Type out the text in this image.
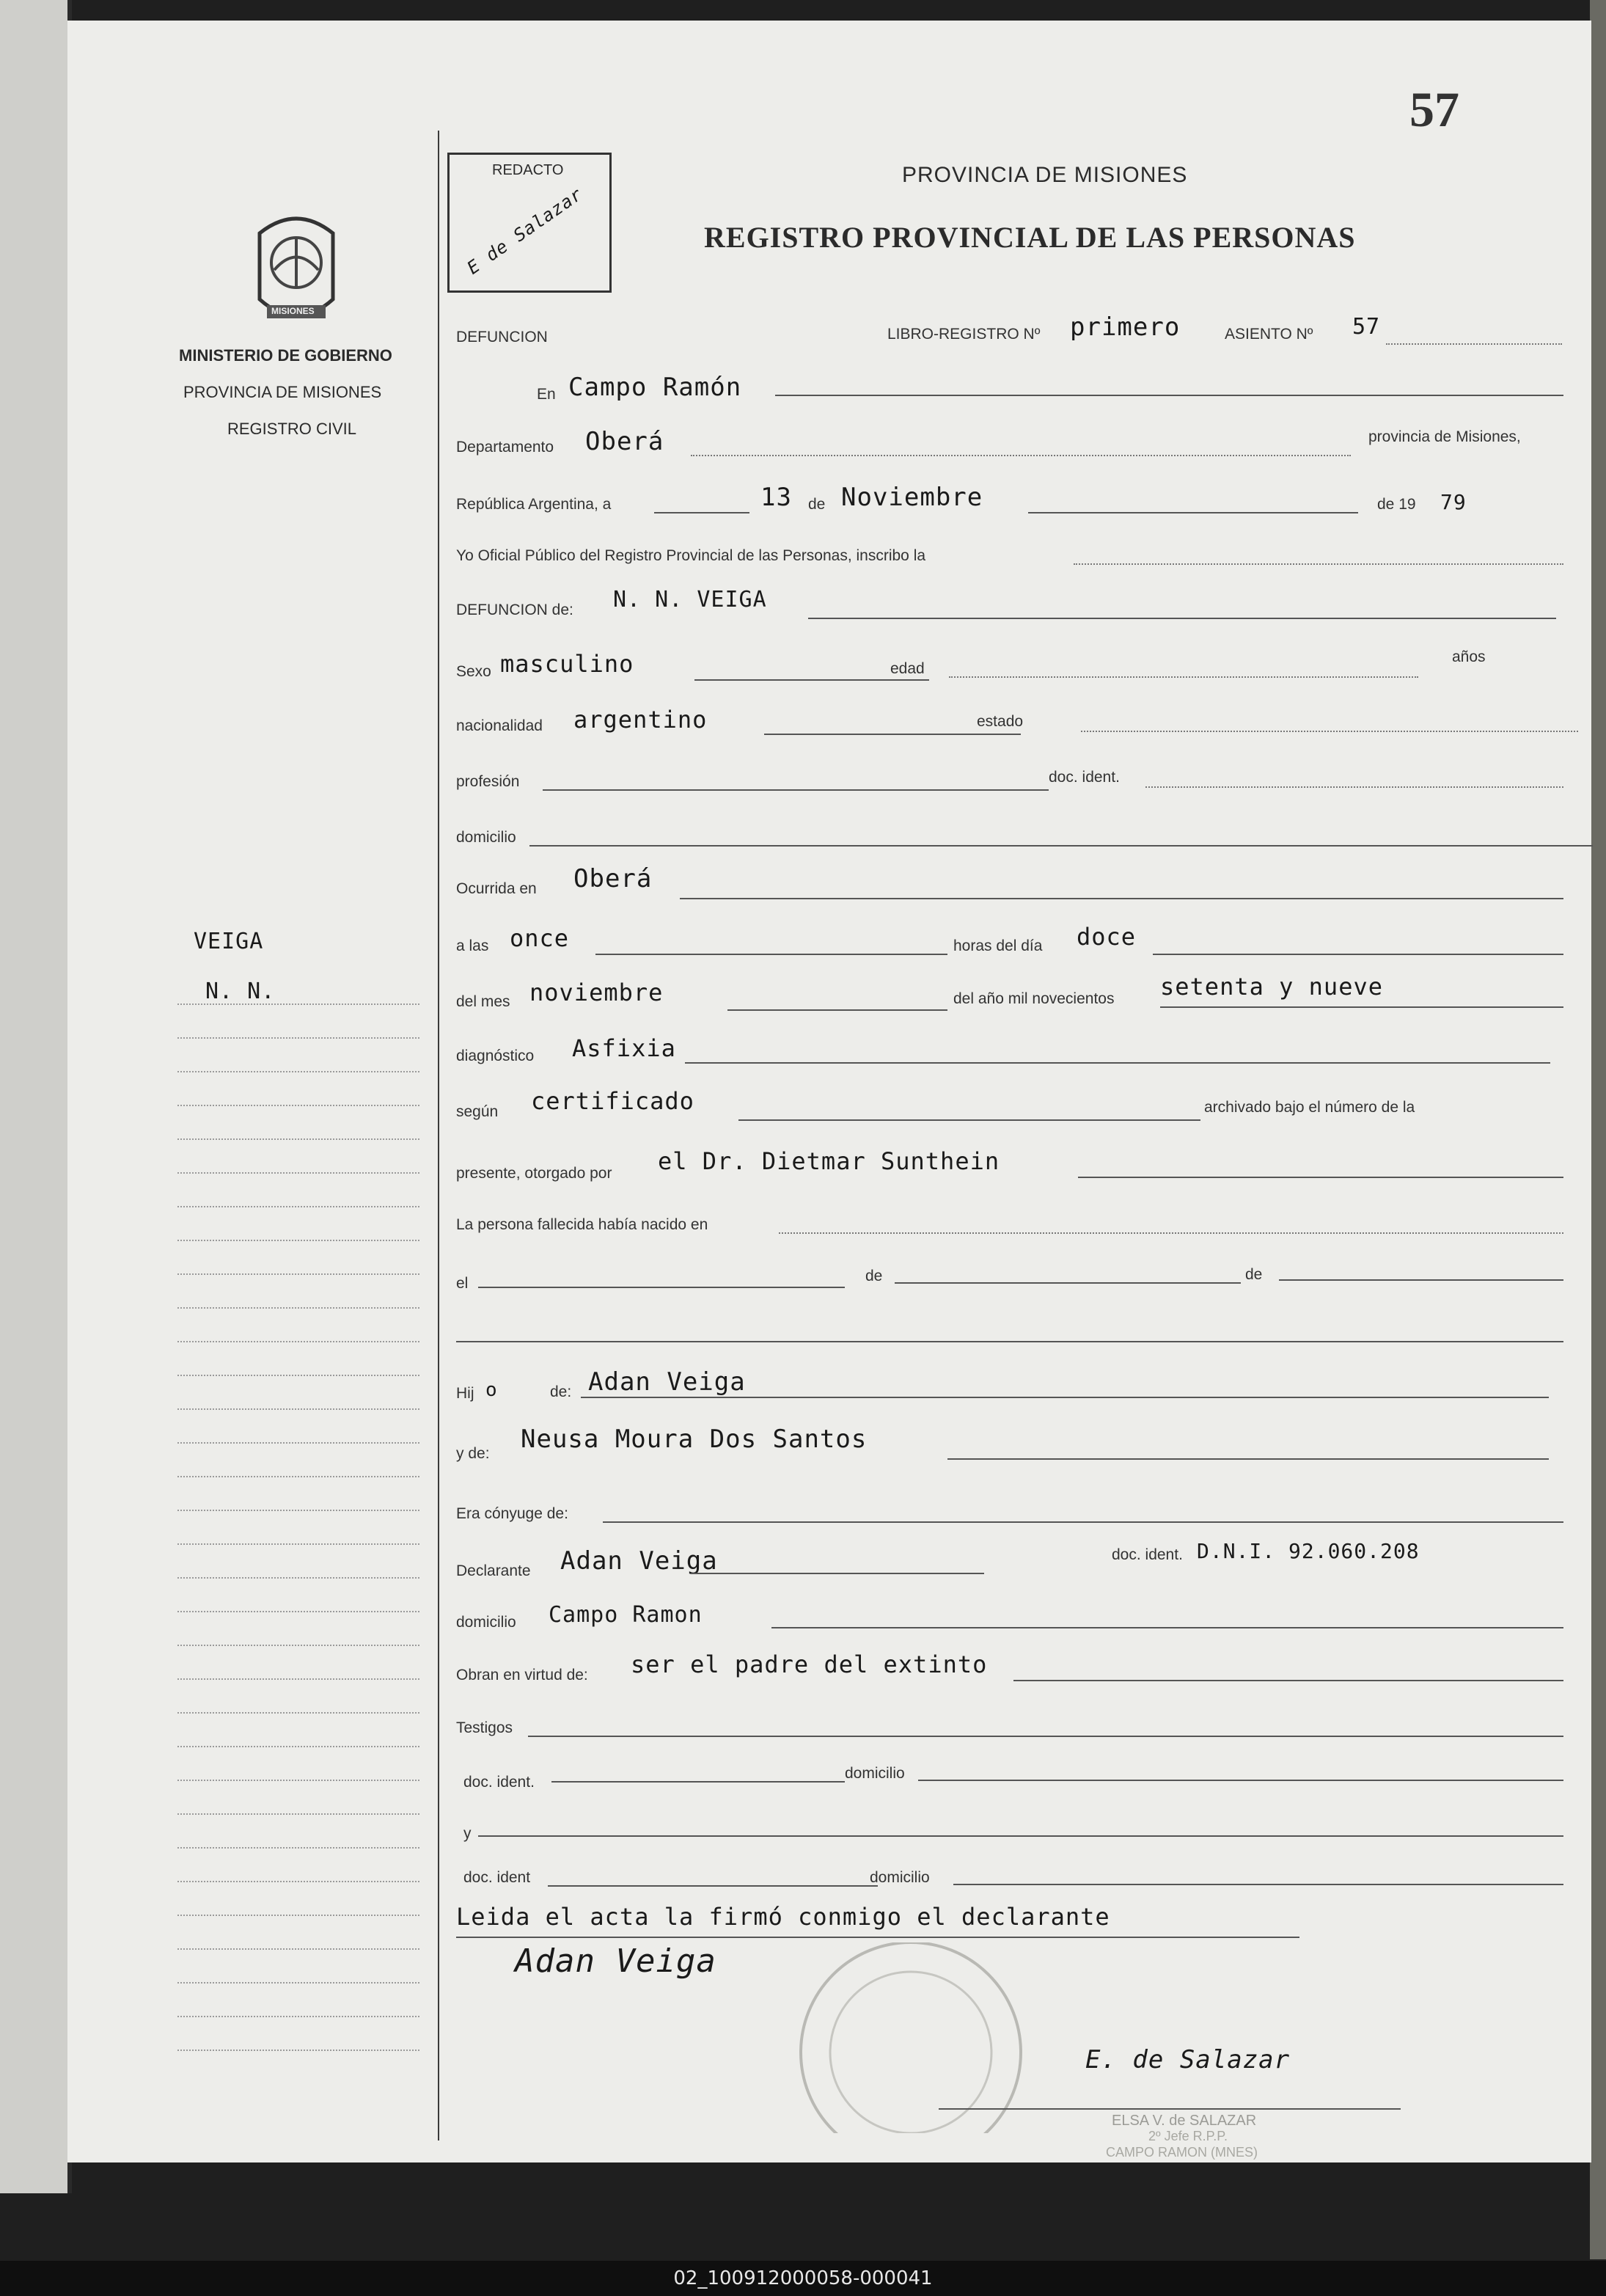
57
REDACTO
E de Salazar
PROVINCIA DE MISIONES
REGISTRO PROVINCIAL DE LAS PERSONAS
MISIONES
MINISTERIO DE GOBIERNO
PROVINCIA DE MISIONES
REGISTRO CIVIL
VEIGA
N. N.
DEFUNCION	LIBRO-REGISTRO Nº primero	ASIENTO Nº 57
En Campo Ramón
Departamento Oberá	provincia de Misiones,
República Argentina, a	13 de Noviembre	de 19 79
Yo Oficial Público del Registro Provincial de las Personas, inscribo la
DEFUNCION de: N. N. VEIGA
Sexo masculino	edad
años
nacionalidad argentino	estado
profesión	doc. ident.
domicilio
Ocurrida en Oberá
a las once	horas del día doce
del mes noviembre	del año mil novecientos setenta y nueve
diagnóstico Asfixia
según certificado	archivado bajo el número de la
presente, otorgado por el Dr. Dietmar Sunthein
La persona fallecida había nacido en
el	de	de
Hij o	de: Adan Veiga
y de: Neusa Moura Dos Santos
Era cónyuge de:
Declarante Adan Veiga	doc. ident. D.N.I. 92.060.208
domicilio Campo Ramon
Obran en virtud de: ser el padre del extinto
Testigos
doc. ident.
domicilio
y
doc. ident	domicilio
Leida el acta la firmó conmigo el declarante
Adan Veiga
E. de Salazar
ELSA V. de SALAZAR
2º Jefe R.P.P.
CAMPO RAMON (MNES)
02_100912000058-000041
